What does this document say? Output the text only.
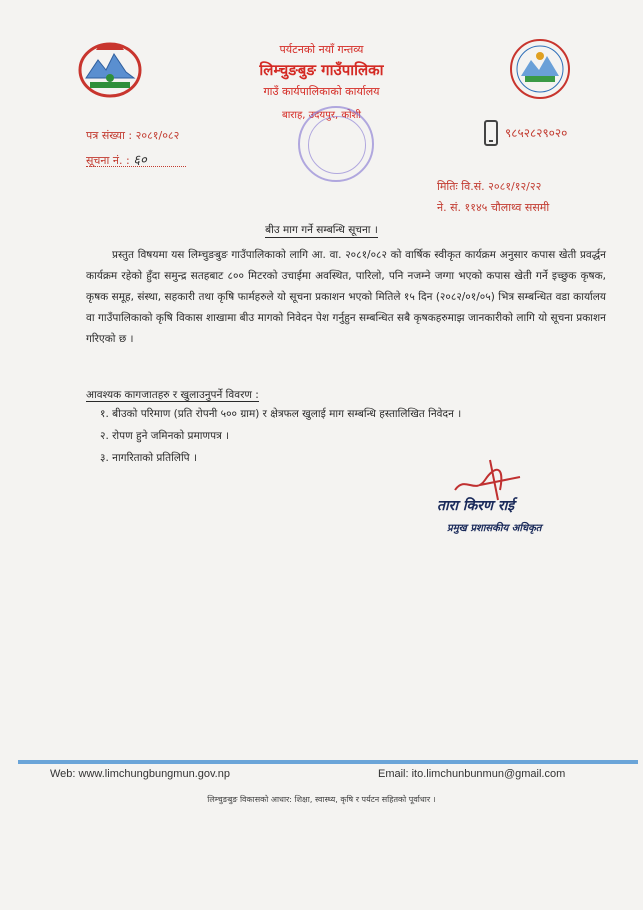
पर्यटनको नयाँ गन्तव्य
लिम्चुङबुङ गाउँपालिका
गाउँ कार्यपालिकाको कार्यालय
बाराह, उदयपुर, कोशी
पत्र संख्या : २०८१/०८२
सूचना नं. : ६०
९८५२८२९०२०
मितिः वि.सं. २०८१/१२/२२
ने. सं. ११४५ चौलाथ्व ससमी
बीउ माग गर्ने सम्बन्धि सूचना ।

प्रस्तुत विषयमा यस लिम्चुङबुङ गाउँपालिकाको लागि आ. वा. २०८१/०८२ को वार्षिक स्वीकृत कार्यक्रम अनुसार कपास खेती प्रवर्द्धन कार्यक्रम रहेको हुँदा समुन्द्र सतहबाट ८०० मिटरको उचाईमा अवस्थित, पारिलो, पनि नजम्ने जग्गा भएको कपास खेती गर्ने इच्छुक कृषक, कृषक समूह, संस्था, सहकारी तथा कृषि फार्महरुले यो सूचना प्रकाशन भएको मितिले १५ दिन (२०८२/०१/०५) भित्र सम्बन्धित वडा कार्यालय वा गाउँपालिकाको कृषि विकास शाखामा बीउ मागको निवेदन पेश गर्नुहुन सम्बन्धित सबै कृषकहरुमाझ जानकारीको लागि यो सूचना प्रकाशन गरिएको छ ।

आवश्यक कागजातहरु र खुलाउनुपर्ने विवरण :
१. बीउको परिमाण (प्रति रोपनी ५०० ग्राम) र क्षेत्रफल खुलाई माग सम्बन्धि हस्तालिखित निवेदन ।
२. रोपण हुने जमिनको प्रमाणपत्र ।
३. नागरिताको प्रतिलिपि ।
तारा किरण राई
प्रमुख प्रशासकीय अधिकृत
Web: www.limchungbungmun.gov.np	Email: ito.limchunbunmun@gmail.com
लिम्चुङबुङ विकासको आधार: शिक्षा, स्वास्थ्य, कृषि र पर्यटन सहितको पूर्वाधार ।
